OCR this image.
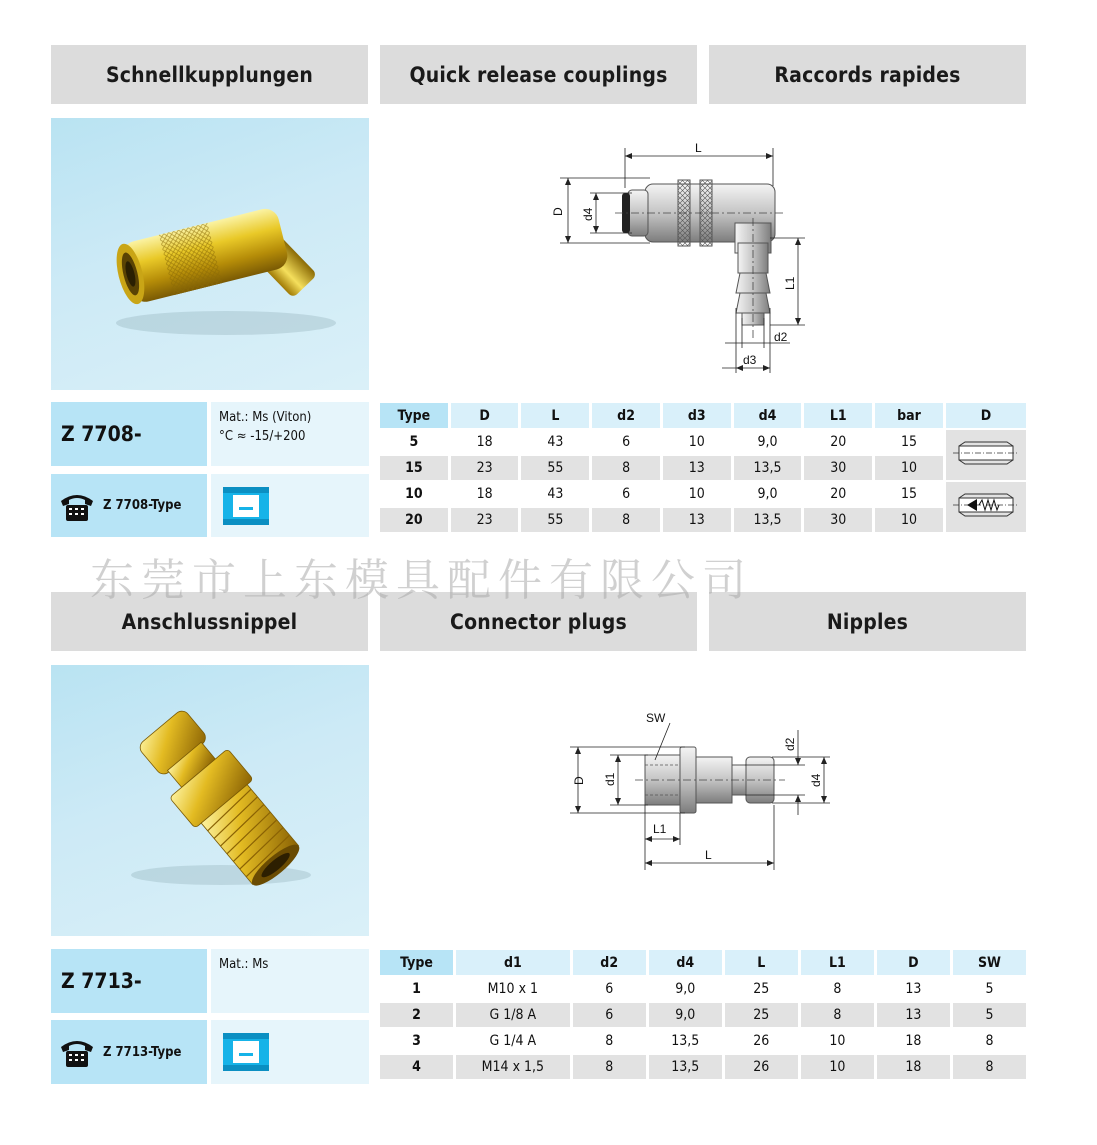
Schnellkupplungen	Quick release couplings	Raccords rapides
L
D d4
L1
d2
d3
Z 7708-
Mat.: Ms (Viton)
°C ≈ -15/+200
Z 7708-Type
Type	D	L	d2	d3	d4	L1	bar	D
5	18	43	6	10	9,0	20	15	
15	23	55	8	13	13,5	30	10	
10	18	43	6	10	9,0	20	15	
20	23	55	8	13	13,5	30	10	
Anschlussnippel	Connector plugs	Nipples
东莞市上东模具配件有限公司
SW
D d1
d2
d4
L1
L
Z 7713-
Mat.: Ms
Z 7713-Type
Type	d1	d2	d4	L	L1	D	SW
1	M10 x 1	6	9,0	25	8	13	5
2	G 1/8 A	6	9,0	25	8	13	5
3	G 1/4 A	8	13,5	26	10	18	8
4	M14 x 1,5	8	13,5	26	10	18	8
